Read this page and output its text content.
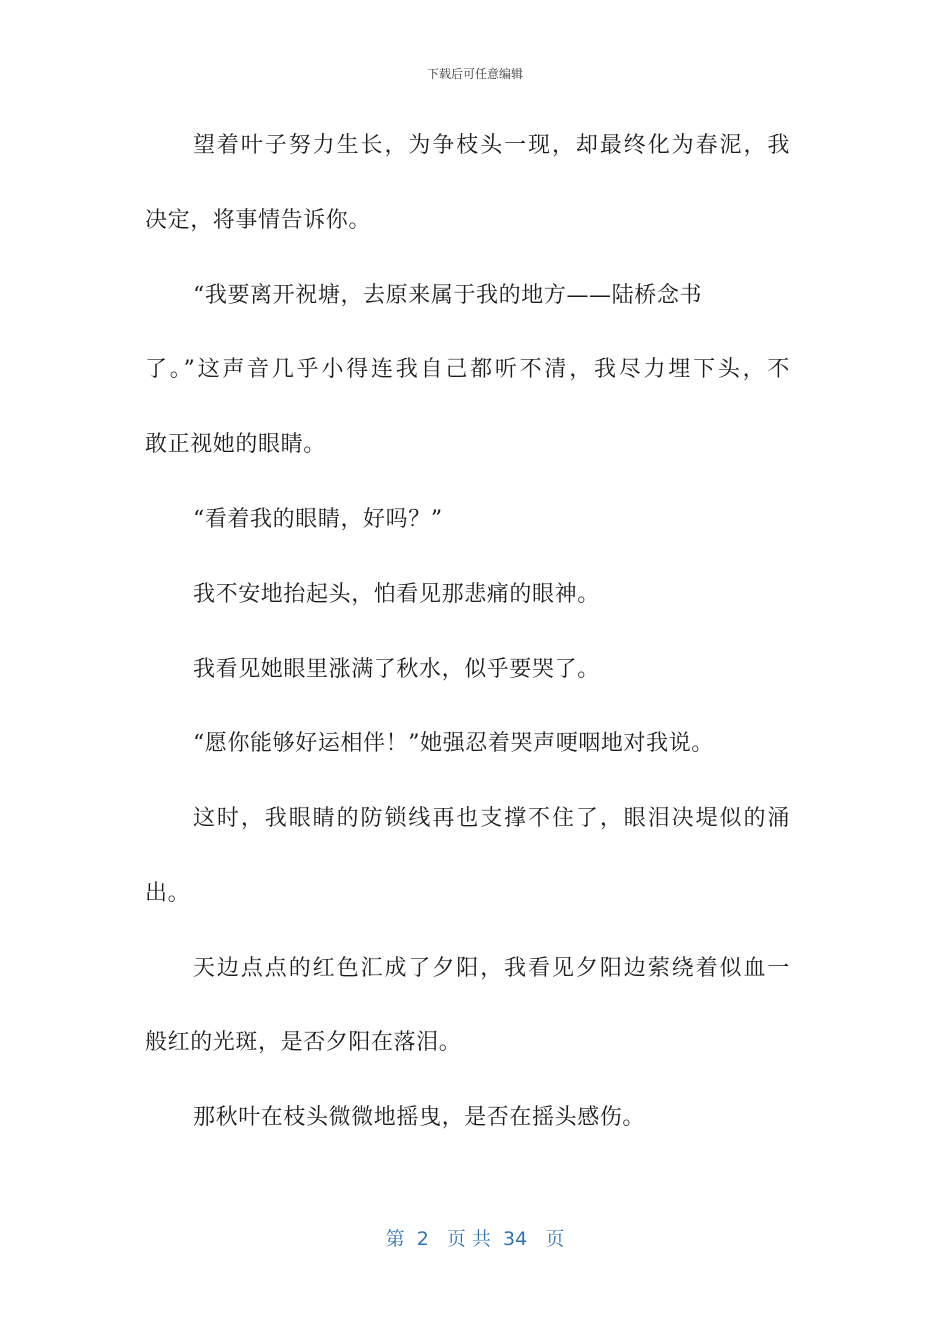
下载后可任意编辑
望着叶子努力生长，为争枝头一现，却最终化为春泥，我
决定，将事情告诉你。
“我要离开祝塘，去原来属于我的地方——陆桥念书
了。”这声音几乎小得连我自己都听不清，我尽力埋下头，不
敢正视她的眼睛。
“看着我的眼睛，好吗？”
我不安地抬起头，怕看见那悲痛的眼神。
我看见她眼里涨满了秋水，似乎要哭了。
“愿你能够好运相伴！”她强忍着哭声哽咽地对我说。
这时，我眼睛的防锁线再也支撑不住了，眼泪决堤似的涌
出。
天边点点的红色汇成了夕阳，我看见夕阳边萦绕着似血一
般红的光斑，是否夕阳在落泪。
那秋叶在枝头微微地摇曳，是否在摇头感伤。
第  2   页 共  34   页
